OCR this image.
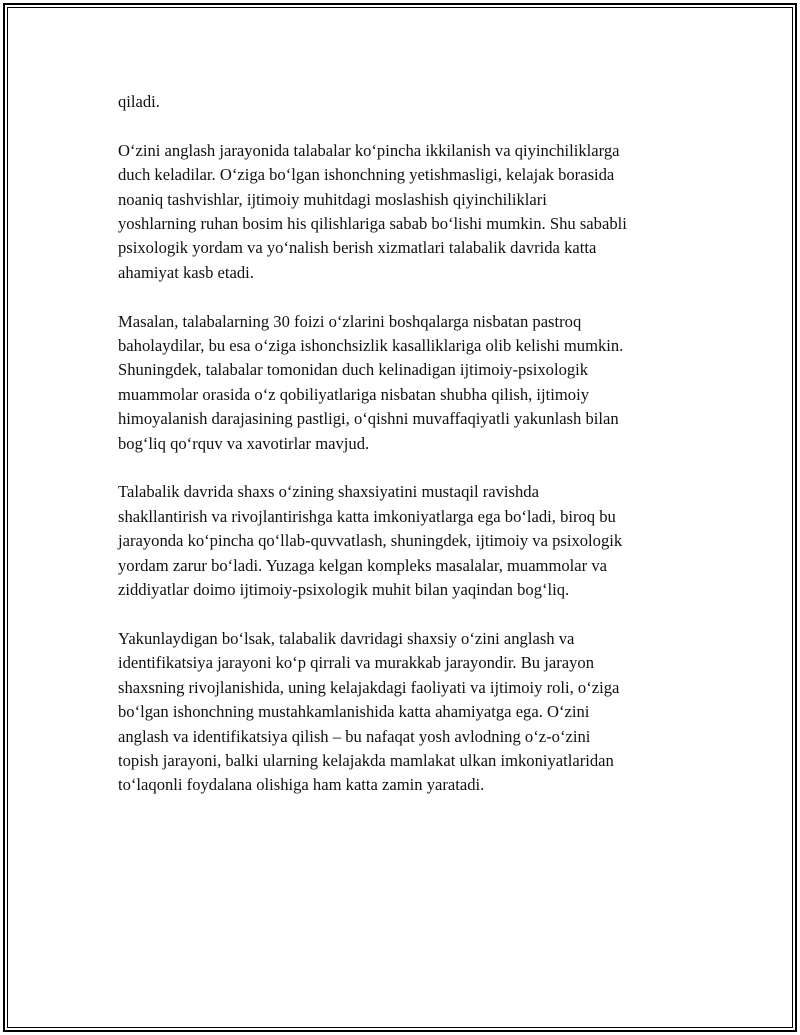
qiladi.

O‘zini anglash jarayonida talabalar ko‘pincha ikkilanish va qiyinchiliklarga
duch keladilar. O‘ziga bo‘lgan ishonchning yetishmasligi, kelajak borasida
noaniq tashvishlar, ijtimoiy muhitdagi moslashish qiyinchiliklari
yoshlarning ruhan bosim his qilishlariga sabab bo‘lishi mumkin. Shu sababli
psixologik yordam va yo‘nalish berish xizmatlari talabalik davrida katta
ahamiyat kasb etadi.

Masalan, talabalarning 30 foizi o‘zlarini boshqalarga nisbatan pastroq
baholaydilar, bu esa o‘ziga ishonchsizlik kasalliklariga olib kelishi mumkin.
Shuningdek, talabalar tomonidan duch kelinadigan ijtimoiy-psixologik
muammolar orasida o‘z qobiliyatlariga nisbatan shubha qilish, ijtimoiy
himoyalanish darajasining pastligi, o‘qishni muvaffaqiyatli yakunlash bilan
bog‘liq qo‘rquv va xavotirlar mavjud.

Talabalik davrida shaxs o‘zining shaxsiyatini mustaqil ravishda
shakllantirish va rivojlantirishga katta imkoniyatlarga ega bo‘ladi, biroq bu
jarayonda ko‘pincha qo‘llab-quvvatlash, shuningdek, ijtimoiy va psixologik
yordam zarur bo‘ladi. Yuzaga kelgan kompleks masalalar, muammolar va
ziddiyatlar doimo ijtimoiy-psixologik muhit bilan yaqindan bog‘liq.

Yakunlaydigan bo‘lsak, talabalik davridagi shaxsiy o‘zini anglash va
identifikatsiya jarayoni ko‘p qirrali va murakkab jarayondir. Bu jarayon
shaxsning rivojlanishida, uning kelajakdagi faoliyati va ijtimoiy roli, o‘ziga
bo‘lgan ishonchning mustahkamlanishida katta ahamiyatga ega. O‘zini
anglash va identifikatsiya qilish – bu nafaqat yosh avlodning o‘z-o‘zini
topish jarayoni, balki ularning kelajakda mamlakat ulkan imkoniyatlaridan
to‘laqonli foydalana olishiga ham katta zamin yaratadi.
